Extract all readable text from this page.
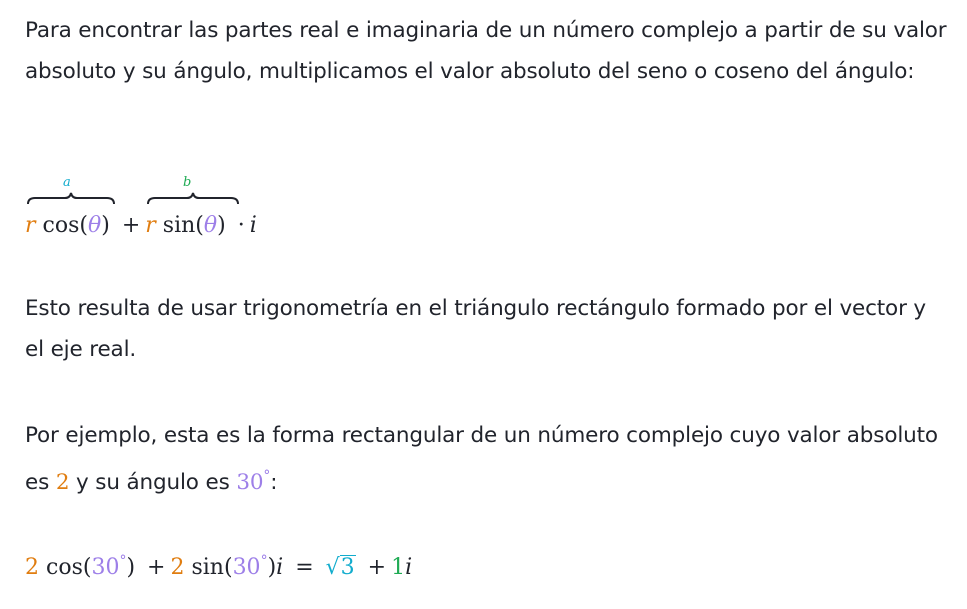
Para encontrar las partes real e imaginaria de un número complejo a partir de su valor absoluto y su ángulo, multiplicamos el valor absoluto del seno o coseno del ángulo:
a	b
r cos(θ) + r sin(θ) · i
Esto resulta de usar trigonometría en el triángulo rectángulo formado por el vector y el eje real.
Por ejemplo, esta es la forma rectangular de un número complejo cuyo valor absoluto es 2 y su ángulo es 30°:
2 cos(30°) + 2 sin(30°)i = √3 + 1i
